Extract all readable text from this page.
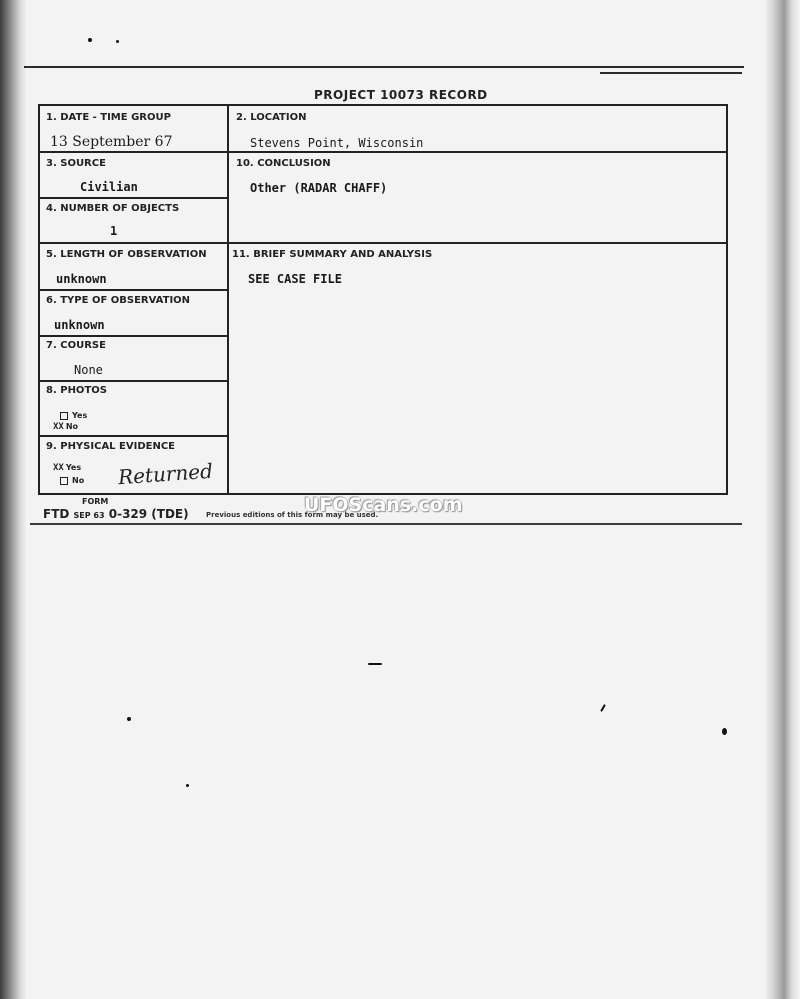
PROJECT 10073 RECORD
1. DATE - TIME GROUP
13 September 67
2. LOCATION
Stevens Point, Wisconsin
3. SOURCE
Civilian
10. CONCLUSION
Other (RADAR CHAFF)
4. NUMBER OF OBJECTS
1
5. LENGTH OF OBSERVATION
unknown
11. BRIEF SUMMARY AND ANALYSIS
SEE CASE FILE
6. TYPE OF OBSERVATION
unknown
7. COURSE
None
8. PHOTOS
Yes
XX No
9. PHYSICAL EVIDENCE
XX Yes
No Returned
FORM
FTD SEP 63 0-329 (TDE) Previous editions of this form may be used.
UFOScans.com
